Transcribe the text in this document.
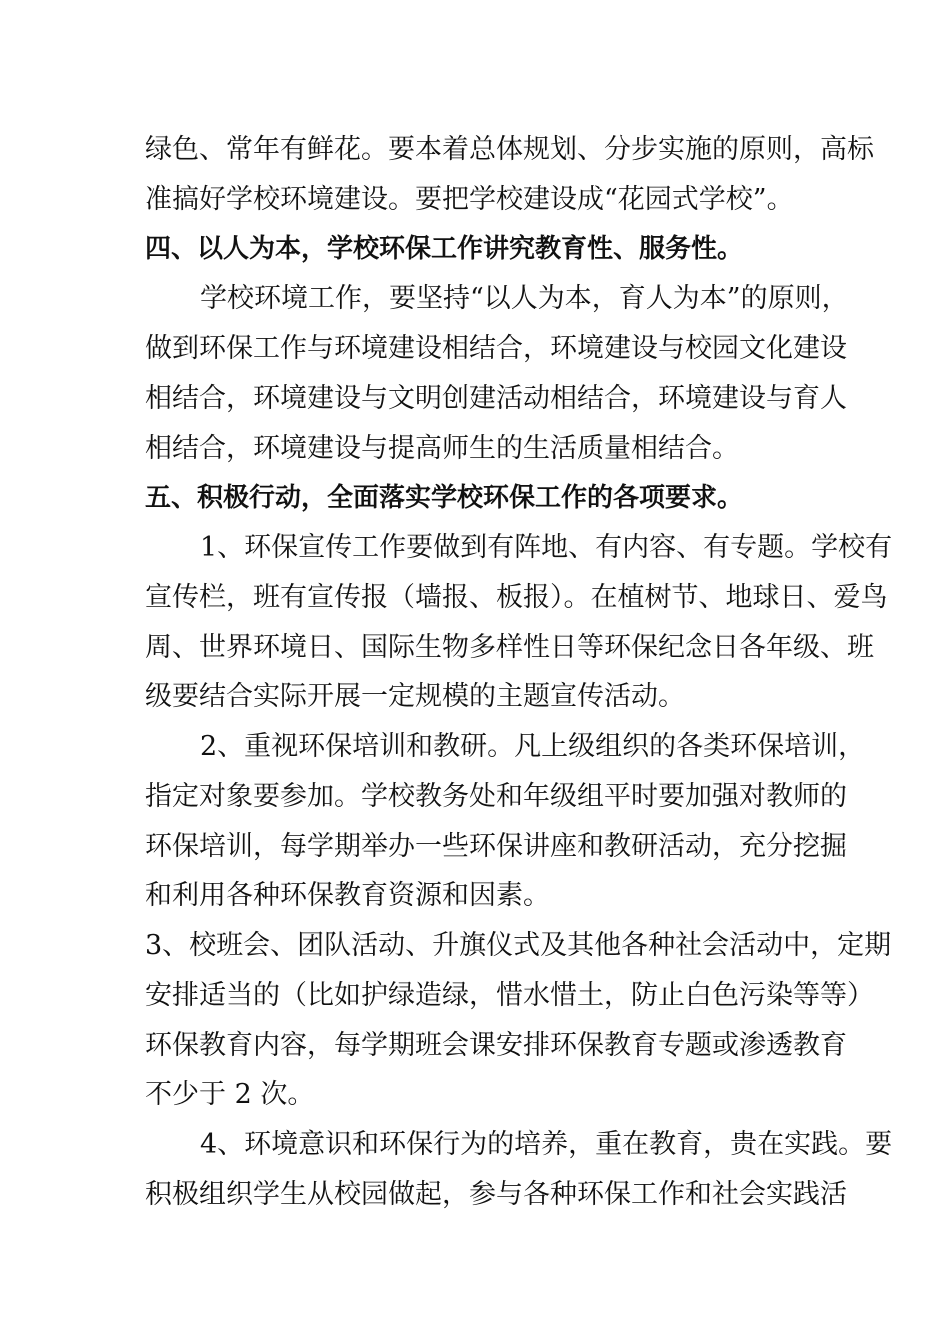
绿色、常年有鲜花。要本着总体规划、分步实施的原则，高标
准搞好学校环境建设。要把学校建设成“花园式学校”。
四、以人为本，学校环保工作讲究教育性、服务性。
学校环境工作，要坚持“以人为本，育人为本”的原则，
做到环保工作与环境建设相结合，环境建设与校园文化建设
相结合，环境建设与文明创建活动相结合，环境建设与育人
相结合，环境建设与提高师生的生活质量相结合。
五、积极行动，全面落实学校环保工作的各项要求。
1、环保宣传工作要做到有阵地、有内容、有专题。学校有
宣传栏，班有宣传报（墙报、板报）。在植树节、地球日、爱鸟
周、世界环境日、国际生物多样性日等环保纪念日各年级、班
级要结合实际开展一定规模的主题宣传活动。
2、重视环保培训和教研。凡上级组织的各类环保培训，
指定对象要参加。学校教务处和年级组平时要加强对教师的
环保培训，每学期举办一些环保讲座和教研活动，充分挖掘
和利用各种环保教育资源和因素。
3、校班会、团队活动、升旗仪式及其他各种社会活动中，定期
安排适当的（比如护绿造绿，惜水惜土，防止白色污染等等）
环保教育内容，每学期班会课安排环保教育专题或渗透教育
不少于 2 次。
4、环境意识和环保行为的培养，重在教育，贵在实践。要
积极组织学生从校园做起，参与各种环保工作和社会实践活
